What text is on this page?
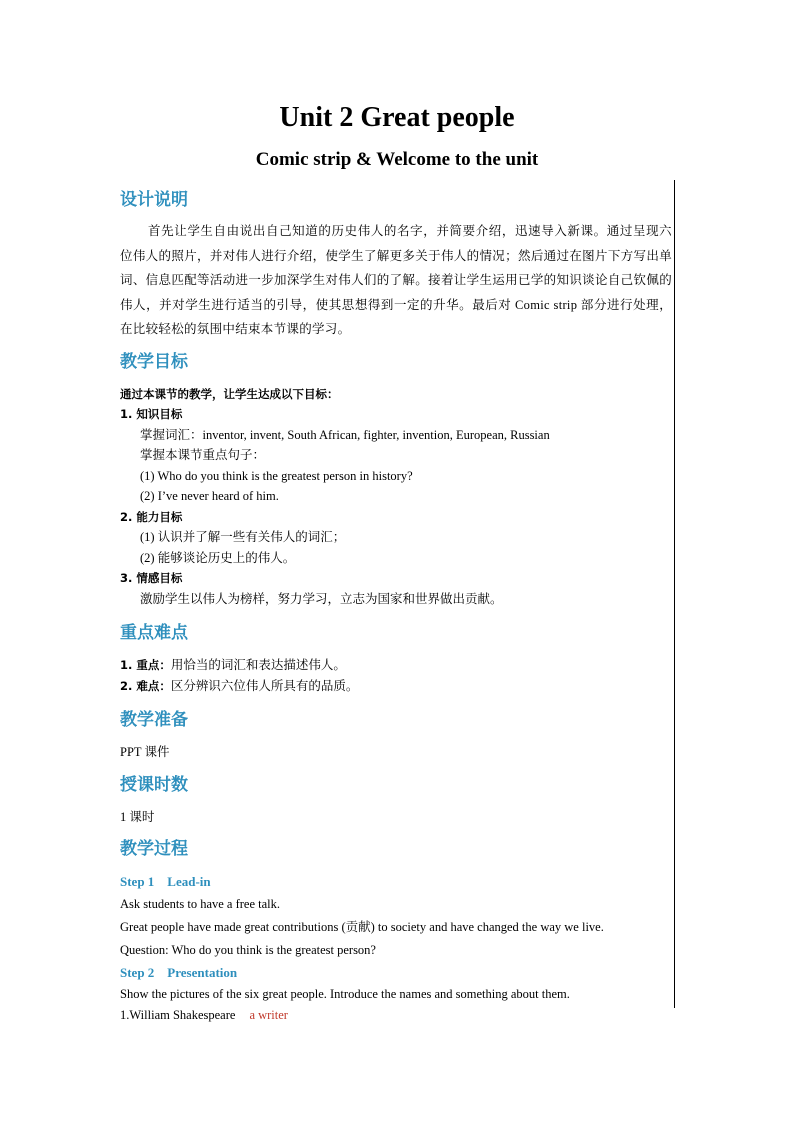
Unit 2 Great people
Comic strip & Welcome to the unit
设计说明

首先让学生自由说出自己知道的历史伟人的名字，并简要介绍，迅速导入新课。通过呈现六位伟人的照片，并对伟人进行介绍，使学生了解更多关于伟人的情况；然后通过在图片下方写出单词、信息匹配等活动进一步加深学生对伟人们的了解。接着让学生运用已学的知识谈论自己钦佩的伟人，并对学生进行适当的引导，使其思想得到一定的升华。最后对 Comic strip 部分进行处理，在比较轻松的氛围中结束本节课的学习。

教学目标

通过本课节的教学，让学生达成以下目标：

1. 知识目标

掌握词汇：inventor, invent, South African, fighter, invention, European, Russian

掌握本课节重点句子：

(1) Who do you think is the greatest person in history?

(2) I’ve never heard of him.

2. 能力目标

(1) 认识并了解一些有关伟人的词汇；

(2) 能够谈论历史上的伟人。

3. 情感目标

激励学生以伟人为榜样，努力学习，立志为国家和世界做出贡献。

重点难点

1. 重点：用恰当的词汇和表达描述伟人。

2. 难点：区分辨识六位伟人所具有的品质。

教学准备

PPT 课件

授课时数

1 课时

教学过程

Step 1    Lead-in

Ask students to have a free talk.

Great people have made great contributions (贡献) to society and have changed the way we live.

Question: Who do you think is the greatest person?

Step 2    Presentation

Show the pictures of the six great people. Introduce the names and something about them.

1.William Shakespeare a writer
